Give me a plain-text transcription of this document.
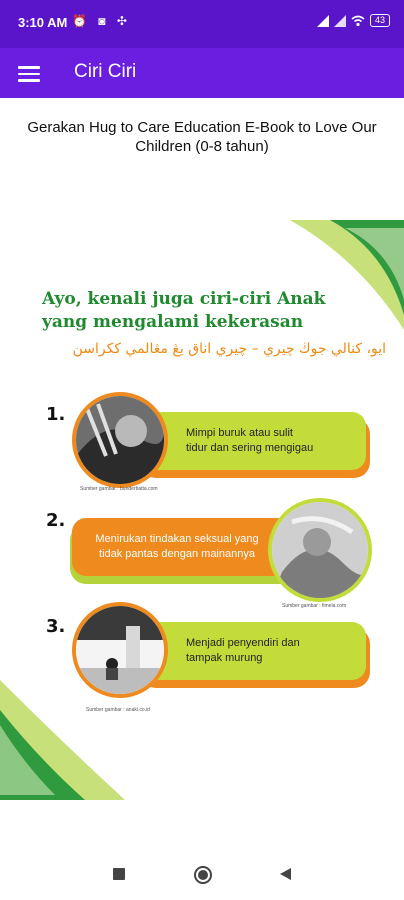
3:10 AM ⏰ ◙ ✣	43
Ciri Ciri
Gerakan Hug to Care Education E-Book to Love Our Children (0-8 tahun)
Ayo, kenali juga ciri-ciri Anak
yang mengalami kekerasan
ايو، كنالي جوڬ چيري – چيري اناق يڠ مڠالمي ككراسن
1.
Mimpi buruk atau sulit
tidur dan sering mengigau
Sumber gambar : bunderbatta.com
2.
Menirukan tindakan seksual yang
tidak pantas dengan mainannya
Sumber gambar : fimela.com
3.
Menjadi penyendiri dan
tampak murung
Sumber gambar : anaki.co.id
